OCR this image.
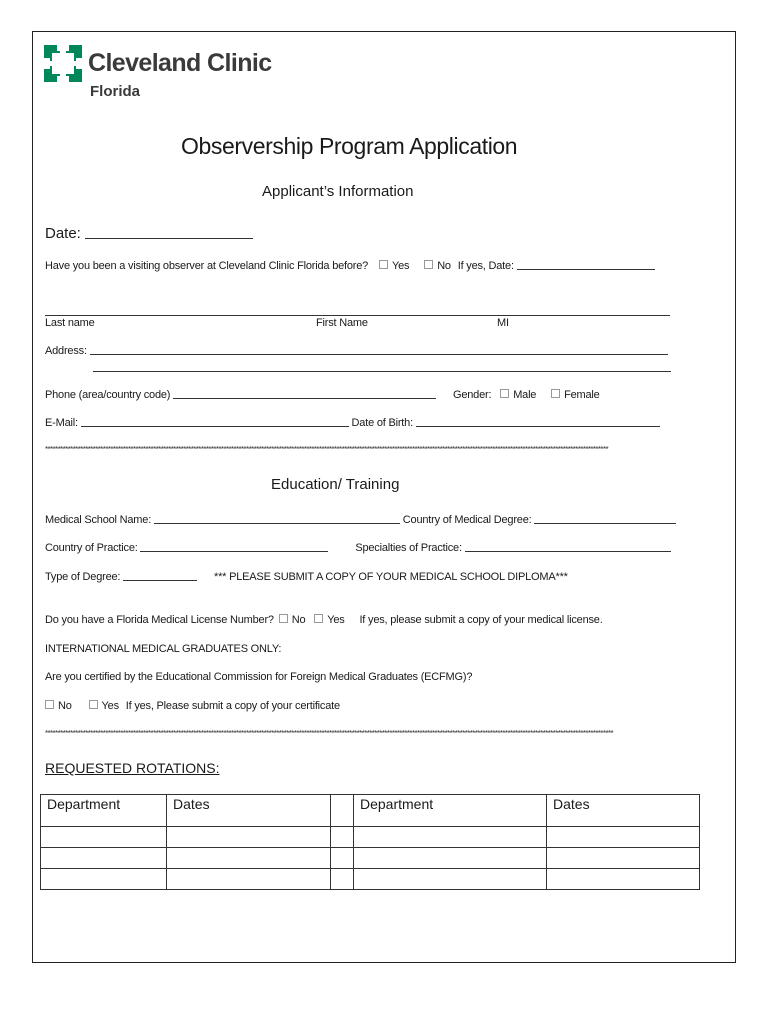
Cleveland Clinic
Florida
Observership Program Application
Applicant’s Information
Date:
Have you been a visiting observer at Cleveland Clinic Florida before? Yes	No If yes, Date:
Last name	First Name	MI
Address:
Phone (area/country code)	Gender: Male	Female
E-Mail:	Date of Birth:
********************************************************************************************************************************************************************************************************************************
Education/ Training
Medical School Name:	Country of Medical Degree:
Country of Practice:	Specialties of Practice:
Type of Degree:	*** PLEASE SUBMIT A COPY OF YOUR MEDICAL SCHOOL DIPLOMA***
Do you have a Florida Medical License Number? No Yes If yes, please submit a copy of your medical license.
INTERNATIONAL MEDICAL GRADUATES ONLY:
Are you certified by the Educational Commission for Foreign Medical Graduates (ECFMG)?
No	Yes If yes, Please submit a copy of your certificate
**********************************************************************************************************************************************************************************************************************************
REQUESTED ROTATIONS:
Department	Dates		Department	Dates
